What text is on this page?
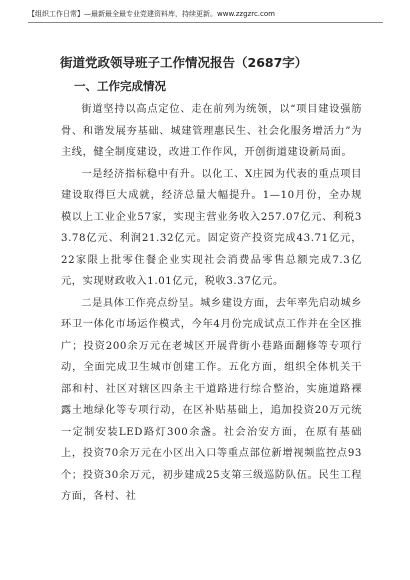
【组织工作日常】—最新最全最专业党建资料库，持续更新。www.zzgzrc.com
街道党政领导班子工作情况报告（2687字）
一、工作完成情况

街道坚持以高点定位、走在前列为统领，以“项目建设强筋骨、和谐发展夯基础、城建管理惠民生、社会化服务增活力”为主线，健全制度建设，改进工作作风，开创街道建设新局面。

一是经济指标稳中有升。以化工、X庄园为代表的重点项目建设取得巨大成就，经济总量大幅提升。1—10月份，全办规模以上工业企业57家，实现主营业务收入257.07亿元、利税33.78亿元、利润21.32亿元。固定资产投资完成43.71亿元，22家限上批零住餐企业实现社会消费品零售总额完成7.3亿元，实现财政收入1.01亿元，税收3.37亿元。

二是具体工作亮点纷呈。城乡建设方面，去年率先启动城乡环卫一体化市场运作模式，今年4月份完成试点工作并在全区推广；投资200余万元在老城区开展背街小巷路面翻修等专项行动，全面完成卫生城市创建工作。五化方面，组织全体机关干部和村、社区对辖区四条主干道路进行综合整治，实施道路裸露土地绿化等专项行动，在区补贴基础上，追加投资20万元统一定制安装LED路灯300余盏。社会治安方面，在原有基础上，投资70余万元在小区出入口等重点部位新增视频监控点93个；投资30余万元，初步建成25支第三级巡防队伍。民生工程方面，各村、社
